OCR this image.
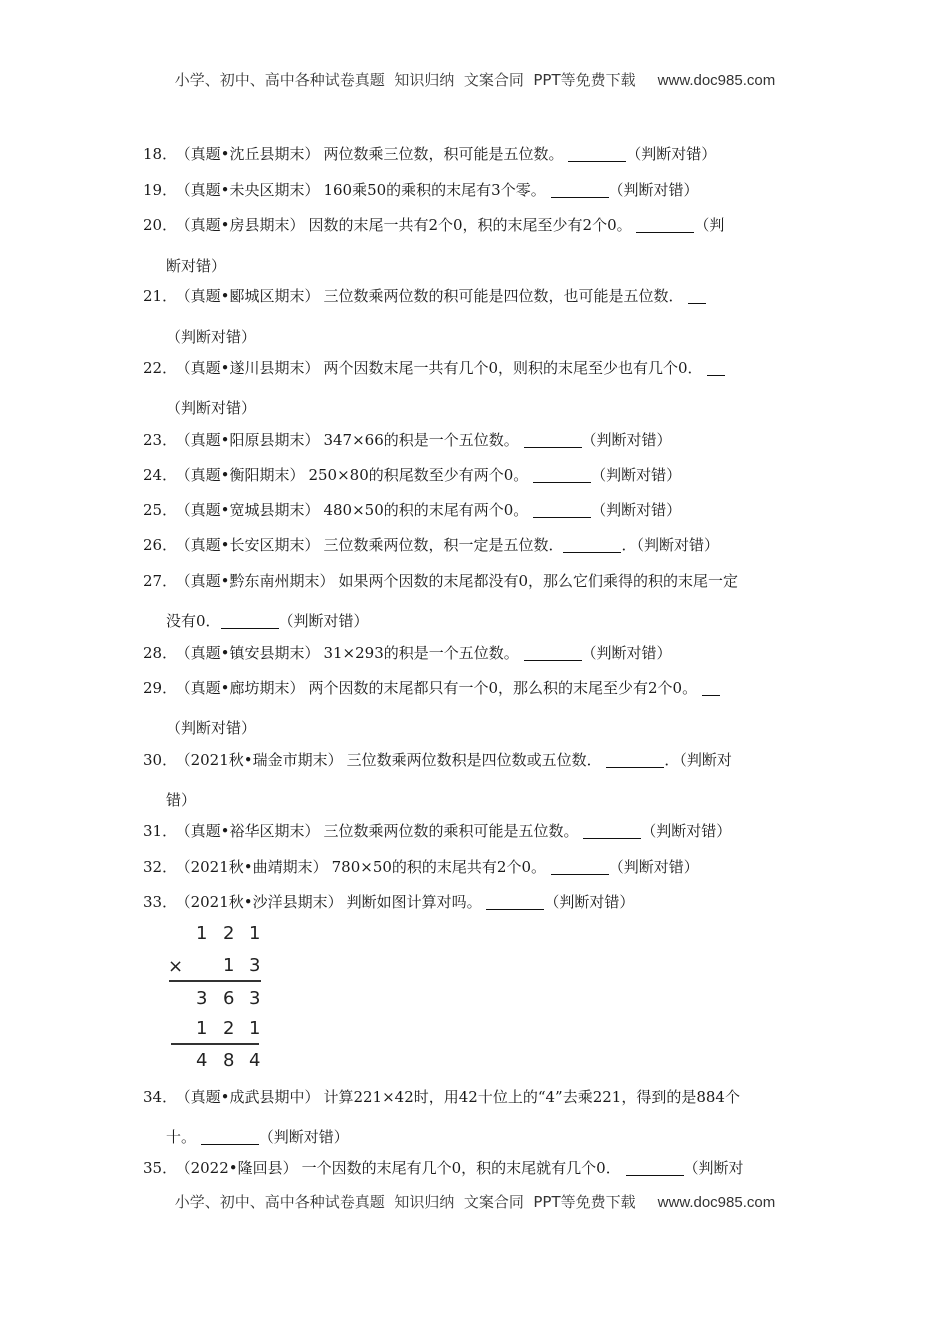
小学、初中、高中各种试卷真题  知识归纳  文案合同  PPT等免费下载 www.doc985.com
18． （真题•沈丘县期末） 两位数乘三位数，积可能是五位数。	（判断对错）
19． （真题•未央区期末） 160乘50的乘积的末尾有3个零。	（判断对错）
20． （真题•房县期末） 因数的末尾一共有2个0，积的末尾至少有2个0。	（判
断对错）
21． （真题•郾城区期末） 三位数乘两位数的积可能是四位数，也可能是五位数．
（判断对错）
22． （真题•遂川县期末） 两个因数末尾一共有几个0，则积的末尾至少也有几个0．
（判断对错）
23． （真题•阳原县期末） 347×66的积是一个五位数。	（判断对错）
24． （真题•衡阳期末） 250×80的积尾数至少有两个0。	（判断对错）
25． （真题•宽城县期末） 480×50的积的末尾有两个0。	（判断对错）
26． （真题•长安区期末） 三位数乘两位数，积一定是五位数．	．（判断对错）
27． （真题•黔东南州期末） 如果两个因数的末尾都没有0，那么它们乘得的积的末尾一定
没有0．	（判断对错）
28． （真题•镇安县期末） 31×293的积是一个五位数。	（判断对错）
29． （真题•廊坊期末） 两个因数的末尾都只有一个0，那么积的末尾至少有2个0。
（判断对错）
30． （2021秋•瑞金市期末） 三位数乘两位数积是四位数或五位数．	．（判断对
错）
31． （真题•裕华区期末） 三位数乘两位数的乘积可能是五位数。	（判断对错）
32． （2021秋•曲靖期末） 780×50的积的末尾共有2个0。	（判断对错）
33． （2021秋•沙洋县期末） 判断如图计算对吗。	（判断对错）
1 2 1
× 1 3
3 6 3
1 2 1
4 8 4
34． （真题•成武县期中） 计算221×42时，用42十位上的“4”去乘221，得到的是884个
十。	（判断对错）
35． （2022•隆回县） 一个因数的末尾有几个0，积的末尾就有几个0．	（判断对
小学、初中、高中各种试卷真题  知识归纳  文案合同  PPT等免费下载 www.doc985.com
